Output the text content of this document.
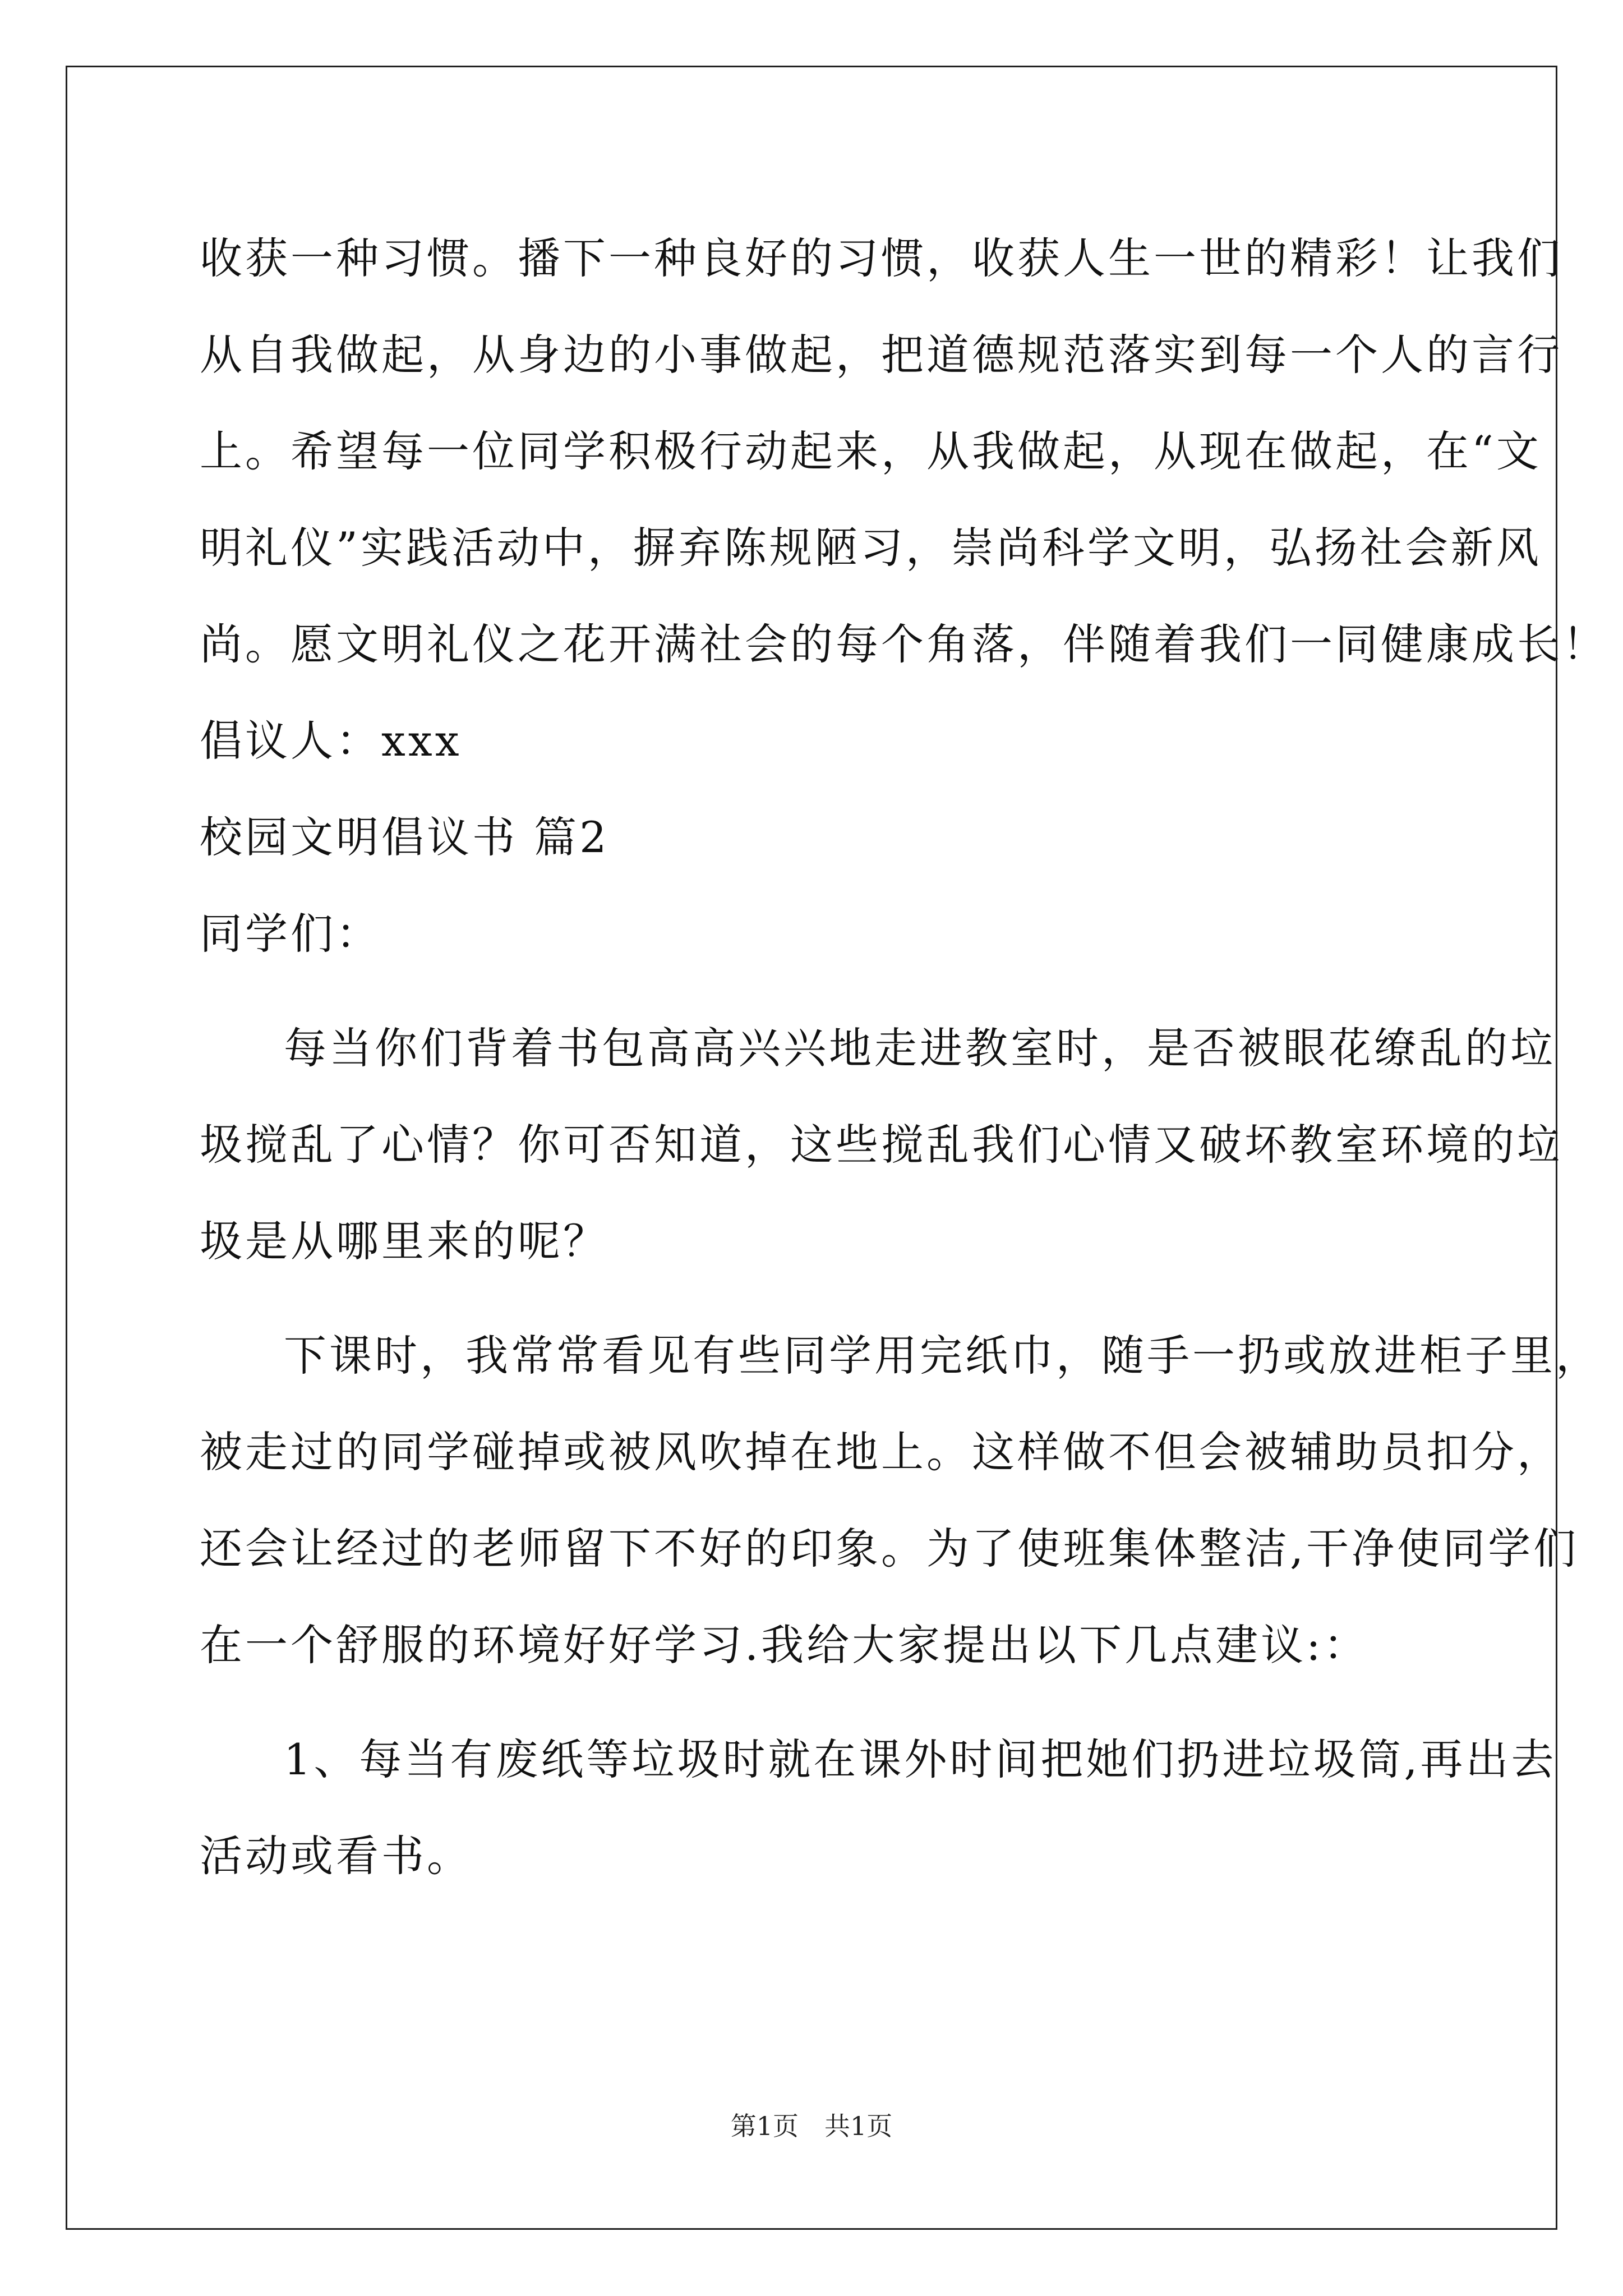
收获一种习惯。播下一种良好的习惯，收获人生一世的精彩！让我们
从自我做起，从身边的小事做起，把道德规范落实到每一个人的言行
上。希望每一位同学积极行动起来，从我做起，从现在做起，在“文
明礼仪”实践活动中，摒弃陈规陋习，崇尚科学文明，弘扬社会新风
尚。愿文明礼仪之花开满社会的每个角落，伴随着我们一同健康成长！
倡议人：xxx
校园文明倡议书 篇2
同学们：
每当你们背着书包高高兴兴地走进教室时，是否被眼花缭乱的垃
圾搅乱了心情？你可否知道，这些搅乱我们心情又破坏教室环境的垃
圾是从哪里来的呢？
下课时，我常常看见有些同学用完纸巾，随手一扔或放进柜子里，
被走过的同学碰掉或被风吹掉在地上。这样做不但会被辅助员扣分，
还会让经过的老师留下不好的印象。为了使班集体整洁,干净使同学们
在一个舒服的环境好好学习.我给大家提出以下几点建议:：
1、每当有废纸等垃圾时就在课外时间把她们扔进垃圾筒,再出去
活动或看书。
第1页　共1页
